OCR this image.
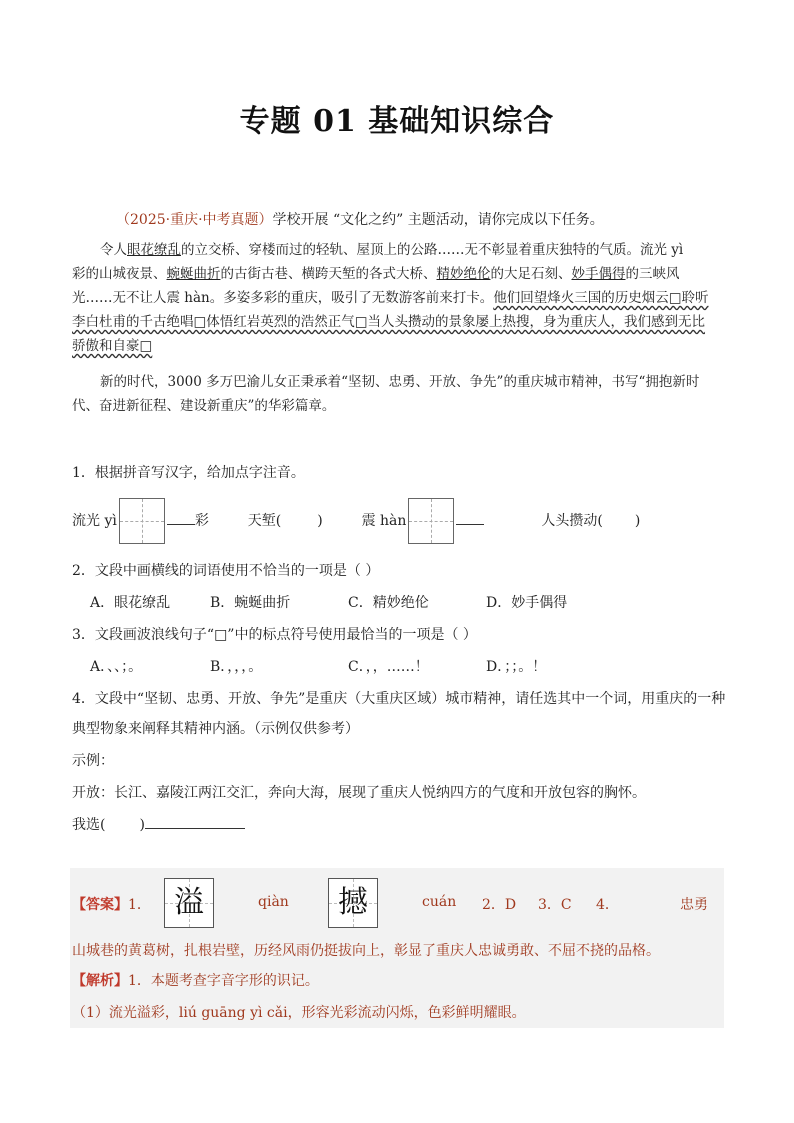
专题 01 基础知识综合
（2025·重庆·中考真题）学校开展 “文化之约” 主题活动，请你完成以下任务。
令人眼花缭乱的立交桥、穿楼而过的轻轨、屋顶上的公路……无不彰显着重庆独特的气质。流光 yì
彩的山城夜景、蜿蜒曲折的古街古巷、横跨天堑的各式大桥、精妙绝伦的大足石刻、妙手偶得的三峡风
光……无不让人震 hàn。多姿多彩的重庆，吸引了无数游客前来打卡。他们回望烽火三国的历史烟云□聆听
李白杜甫的千古绝唱□体悟红岩英烈的浩然正气□当人头攒动的景象屡上热搜，身为重庆人，我们感到无比
骄傲和自豪□
新的时代，3000 多万巴渝儿女正秉承着“坚韧、忠勇、开放、争先”的重庆城市精神，书写“拥抱新时
代、奋进新征程、建设新重庆”的华彩篇章。
1．根据拼音写汉字，给加点字注音。
流光 yì	彩	天堑(	)	震 hàn	人头攒动( )
2．文段中画横线的词语使用不恰当的一项是（ ）
A．眼花缭乱	B．蜿蜒曲折	C．精妙绝伦	D．妙手偶得
3．文段画波浪线句子“□”中的标点符号使用最恰当的一项是（ ）
A．、、；。	B．，，，。	C．，，……！	D．；；。！
4．文段中“坚韧、忠勇、开放、争先”是重庆（大重庆区域）城市精神，请任选其中一个词，用重庆的一种
典型物象来阐释其精神内涵。（示例仅供参考）
示例：
开放：长江、嘉陵江两江交汇，奔向大海，展现了重庆人悦纳四方的气度和开放包容的胸怀。
我选( )
【答案】1． 溢	qiàn	撼	cuán 2．D 3．C 4．	忠勇
山城巷的黄葛树，扎根岩壁，历经风雨仍挺拔向上，彰显了重庆人忠诚勇敢、不屈不挠的品格。
【解析】1．本题考查字音字形的识记。
（1）流光溢彩，liú guāng yì cǎi，形容光彩流动闪烁，色彩鲜明耀眼。
